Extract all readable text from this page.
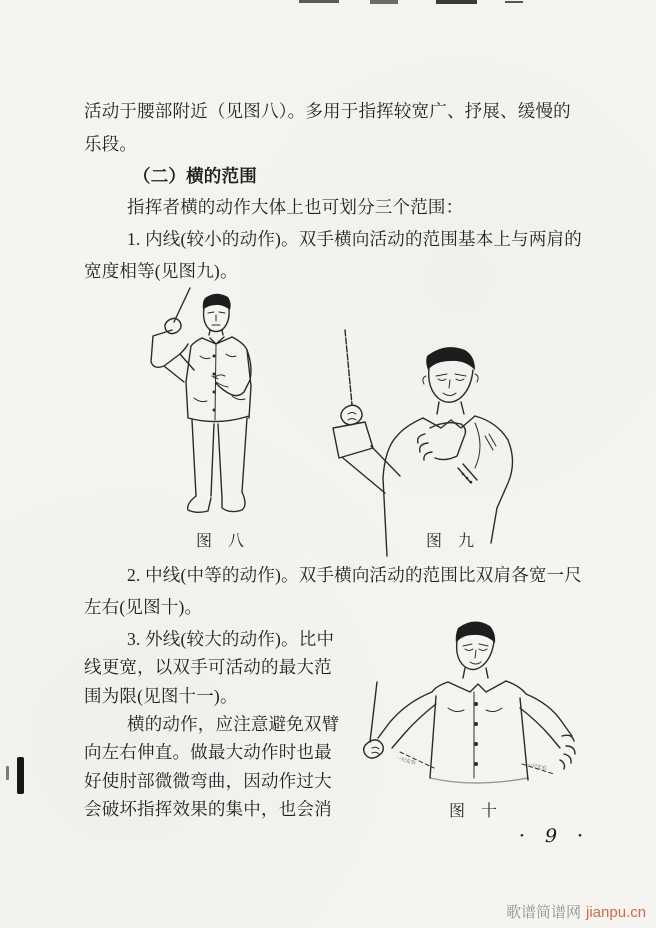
活动于腰部附近（见图八）。多用于指挥较宽广、抒展、缓慢的
乐段。
（二）横的范围
指挥者横的动作大体上也可划分三个范围：
1. 内线(较小的动作)。双手横向活动的范围基本上与两肩的
宽度相等(见图九)。
图　八	图　九
2. 中线(中等的动作)。双手横向活动的范围比双肩各宽一尺
左右(见图十)。
3. 外线(较大的动作)。比中
线更宽，以双手可活动的最大范
围为限(见图十一)。
横的动作，应注意避免双臂
向左右伸直。做最大动作时也最
好使肘部微微弯曲，因动作过大
会破坏指挥效果的集中，也会消
一尺左右
一尺左右
图　十
• 9 •
歌谱简谱网 jianpu.cn
